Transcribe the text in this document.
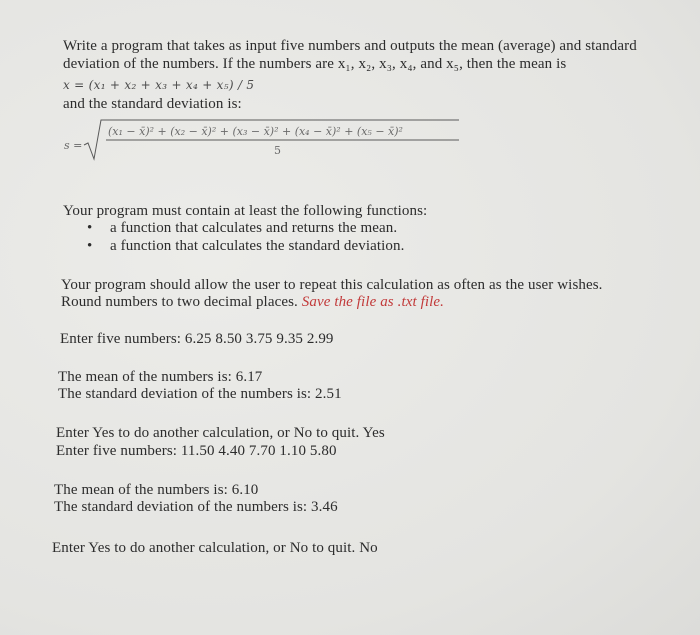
Write a program that takes as input five numbers and outputs the mean (average) and standard
deviation of the numbers. If the numbers are x₁, x₂, x₃, x₄, and x₅, then the mean is
x = (x₁ + x₂ + x₃ + x₄ + x₅) / 5
and the standard deviation is:
s =
(x₁ − x̄)² + (x₂ − x̄)² + (x₃ − x̄)² + (x₄ − x̄)² + (x₅ − x̄)²
5
Your program must contain at least the following functions:
• a function that calculates and returns the mean.
• a function that calculates the standard deviation.
Your program should allow the user to repeat this calculation as often as the user wishes.
Round numbers to two decimal places. Save the file as .txt file.
Enter five numbers: 6.25 8.50 3.75 9.35 2.99
The mean of the numbers is: 6.17
The standard deviation of the numbers is: 2.51
Enter Yes to do another calculation, or No to quit. Yes
Enter five numbers: 11.50 4.40 7.70 1.10 5.80
The mean of the numbers is: 6.10
The standard deviation of the numbers is: 3.46
Enter Yes to do another calculation, or No to quit. No
